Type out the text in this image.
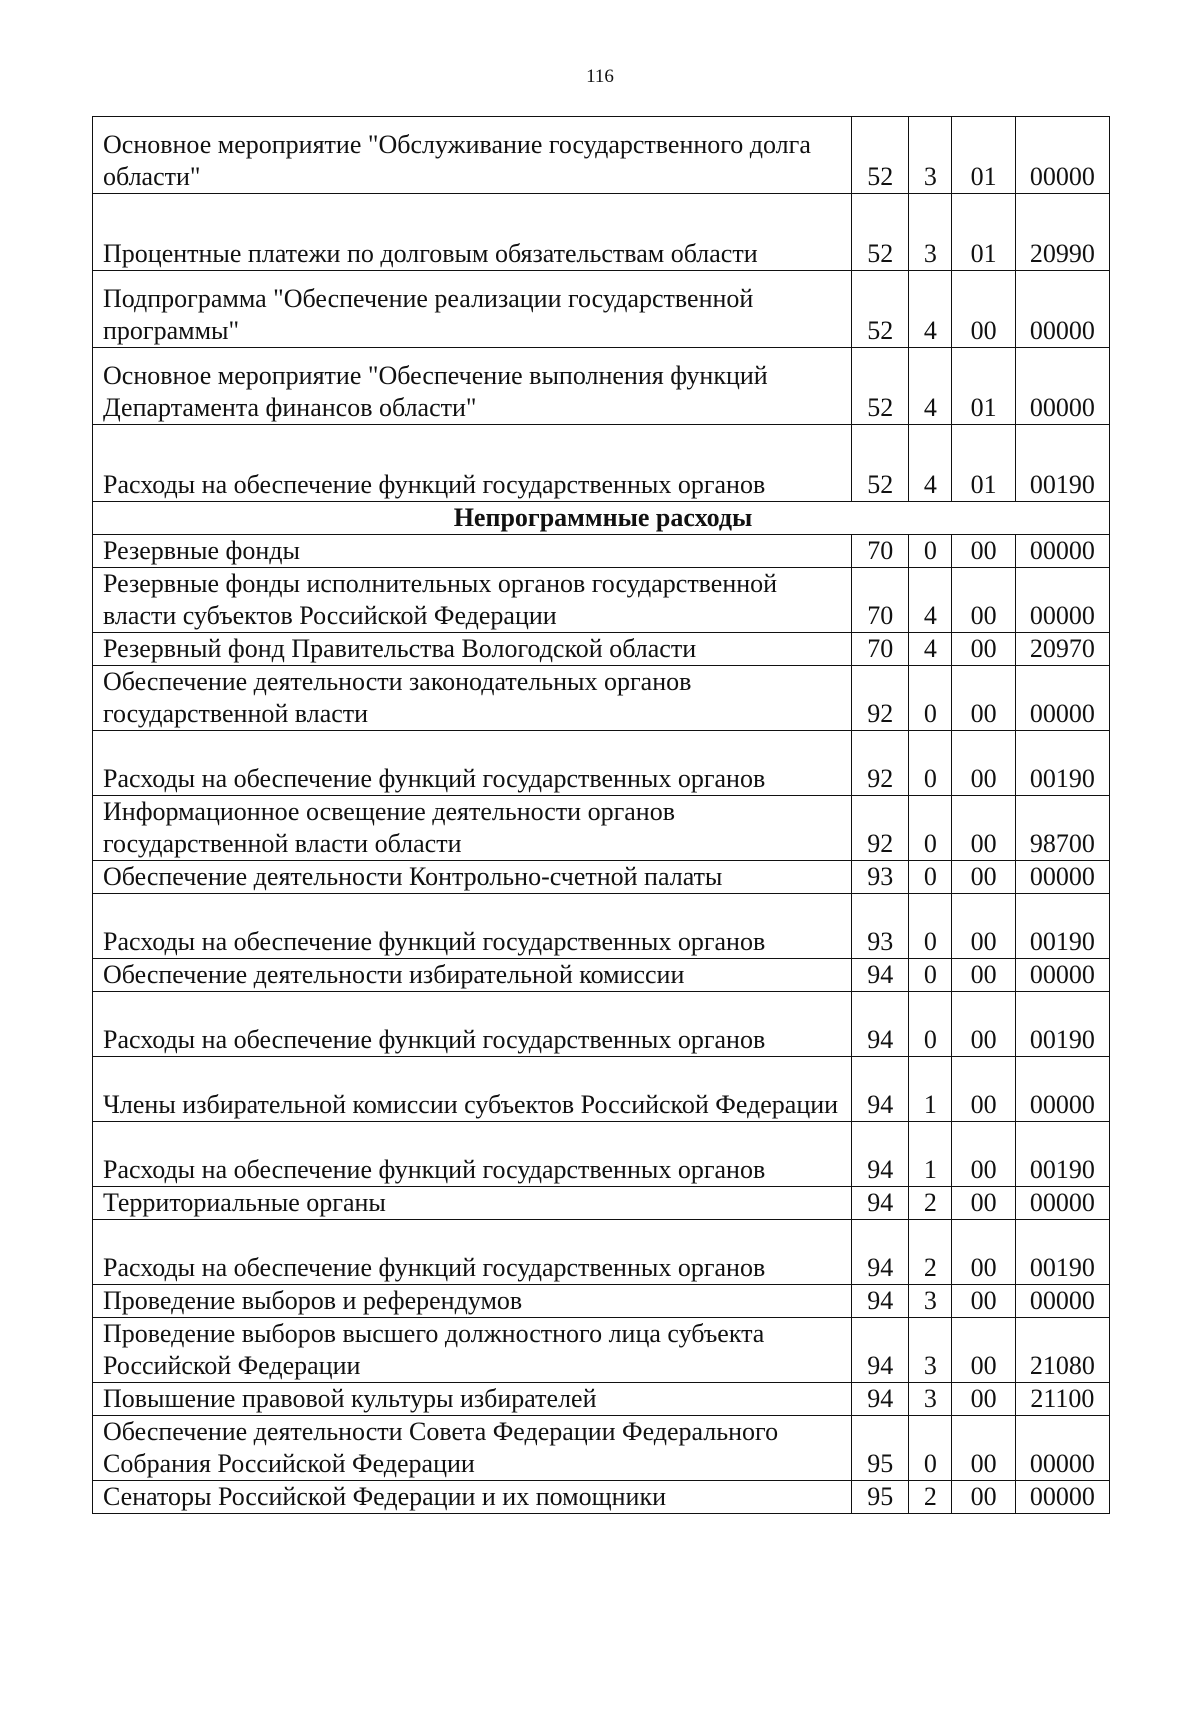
116
Основное мероприятие "Обслуживание государственного долга области"	52	3	01	00000
Процентные платежи по долговым обязательствам области	52	3	01	20990
Подпрограмма "Обеспечение реализации государственной программы"	52	4	00	00000
Основное мероприятие "Обеспечение выполнения функций Департамента финансов области"	52	4	01	00000
Расходы на обеспечение функций государственных органов	52	4	01	00190
Непрограммные расходы				
Резервные фонды	70	0	00	00000
Резервные фонды исполнительных органов государственной власти субъектов Российской Федерации	70	4	00	00000
Резервный фонд Правительства Вологодской области	70	4	00	20970
Обеспечение деятельности законодательных органов государственной власти	92	0	00	00000
Расходы на обеспечение функций государственных органов	92	0	00	00190
Информационное освещение деятельности органов государственной власти области	92	0	00	98700
Обеспечение деятельности Контрольно-счетной палаты	93	0	00	00000
Расходы на обеспечение функций государственных органов	93	0	00	00190
Обеспечение деятельности избирательной комиссии	94	0	00	00000
Расходы на обеспечение функций государственных органов	94	0	00	00190
Члены избирательной комиссии субъектов Российской Федерации	94	1	00	00000
Расходы на обеспечение функций государственных органов	94	1	00	00190
Территориальные органы	94	2	00	00000
Расходы на обеспечение функций государственных органов	94	2	00	00190
Проведение выборов и референдумов	94	3	00	00000
Проведение выборов высшего должностного лица субъекта Российской Федерации	94	3	00	21080
Повышение правовой культуры избирателей	94	3	00	21100
Обеспечение деятельности Совета Федерации Федерального Собрания Российской Федерации	95	0	00	00000
Сенаторы Российской Федерации и их помощники	95	2	00	00000
